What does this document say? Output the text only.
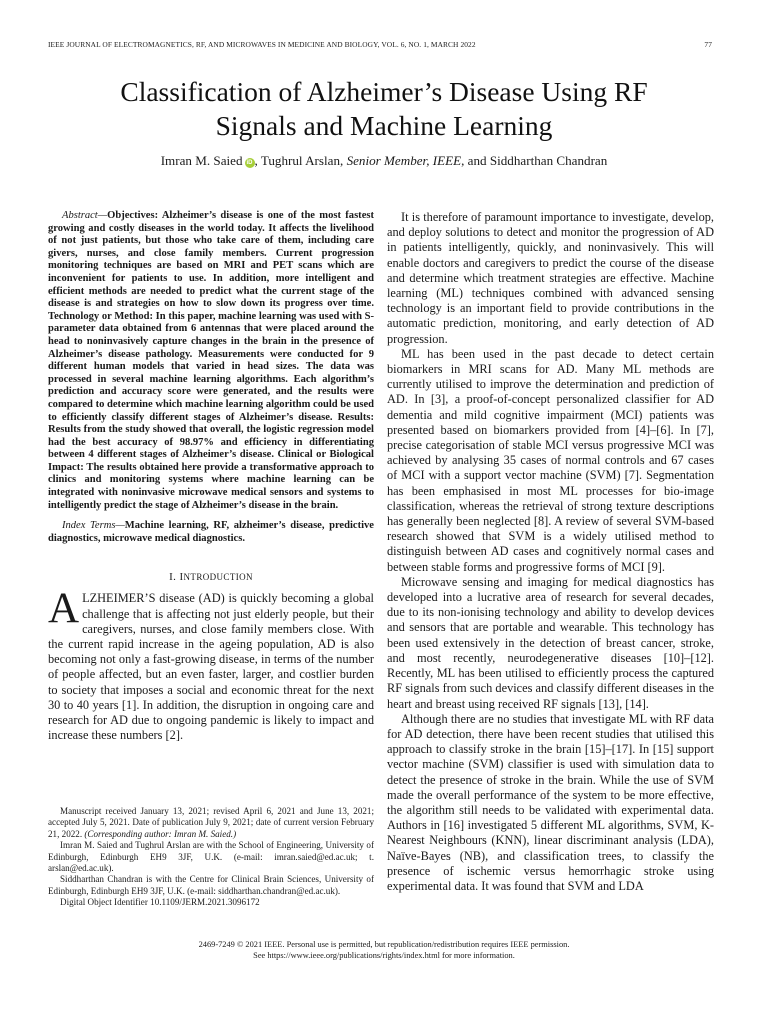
IEEE JOURNAL OF ELECTROMAGNETICS, RF, AND MICROWAVES IN MEDICINE AND BIOLOGY, VOL. 6, NO. 1, MARCH 2022	77
Classification of Alzheimer’s Disease Using RF
Signals and Machine Learning
Imran M. Saied iD , Tughrul Arslan, Senior Member, IEEE, and Siddharthan Chandran

Abstract—Objectives: Alzheimer’s disease is one of the most fastest growing and costly diseases in the world today. It affects the livelihood of not just patients, but those who take care of them, including care givers, nurses, and close family members. Current progression monitoring techniques are based on MRI and PET scans which are inconvenient for patients to use. In addition, more intelligent and efficient methods are needed to predict what the current stage of the disease is and strategies on how to slow down its progress over time. Technology or Method: In this paper, machine learning was used with S-parameter data obtained from 6 antennas that were placed around the head to noninvasively capture changes in the brain in the presence of Alzheimer’s disease pathology. Measurements were conducted for 9 different human models that varied in head sizes. The data was processed in several machine learning algorithms. Each algorithm’s prediction and accuracy score were generated, and the results were compared to determine which machine learning algorithm could be used to efficiently classify different stages of Alzheimer’s disease. Results: Results from the study showed that overall, the logistic regression model had the best accuracy of 98.97% and efficiency in differentiating between 4 different stages of Alzheimer’s disease. Clinical or Biological Impact: The results obtained here provide a transformative approach to clinics and monitoring systems where machine learning can be integrated with noninvasive microwave medical sensors and systems to intelligently predict the stage of Alzheimer’s disease in the brain.

Index Terms—Machine learning, RF, alzheimer’s disease, predictive diagnostics, microwave medical diagnostics.
I. INTRODUCTION

ALZHEIMER’S disease (AD) is quickly becoming a global challenge that is affecting not just elderly people, but their caregivers, nurses, and close family members close. With the current rapid increase in the ageing population, AD is also becoming not only a fast-growing disease, in terms of the number of people affected, but an even faster, larger, and costlier burden to society that imposes a social and economic threat for the next 30 to 40 years [1]. In addition, the disruption in ongoing care and research for AD due to ongoing pandemic is likely to impact and increase these numbers [2].

Manuscript received January 13, 2021; revised April 6, 2021 and June 13, 2021; accepted July 5, 2021. Date of publication July 9, 2021; date of current version February 21, 2022. (Corresponding author: Imran M. Saied.)

Imran M. Saied and Tughrul Arslan are with the School of Engineering, University of Edinburgh, Edinburgh EH9 3JF, U.K. (e-mail: imran.saied@ed.ac.uk; t. arslan@ed.ac.uk).

Siddharthan Chandran is with the Centre for Clinical Brain Sciences, University of Edinburgh, Edinburgh EH9 3JF, U.K. (e-mail: siddharthan.chandran@ed.ac.uk).

Digital Object Identifier 10.1109/JERM.2021.3096172

It is therefore of paramount importance to investigate, develop, and deploy solutions to detect and monitor the progression of AD in patients intelligently, quickly, and noninvasively. This will enable doctors and caregivers to predict the course of the disease and determine which treatment strategies are effective. Machine learning (ML) techniques combined with advanced sensing technology is an important field to provide contributions in the automatic prediction, monitoring, and early detection of AD progression.

ML has been used in the past decade to detect certain biomarkers in MRI scans for AD. Many ML methods are currently utilised to improve the determination and prediction of AD. In [3], a proof-of-concept personalized classifier for AD dementia and mild cognitive impairment (MCI) patients was presented based on biomarkers provided from [4]–[6]. In [7], precise categorisation of stable MCI versus progressive MCI was achieved by analysing 35 cases of normal controls and 67 cases of MCI with a support vector machine (SVM) [7]. Segmentation has been emphasised in most ML processes for bio-image classification, whereas the retrieval of strong texture descriptions has generally been neglected [8]. A review of several SVM-based research showed that SVM is a widely utilised method to distinguish between AD cases and cognitively normal cases and between stable forms and progressive forms of MCI [9].

Microwave sensing and imaging for medical diagnostics has developed into a lucrative area of research for several decades, due to its non-ionising technology and ability to develop devices and sensors that are portable and wearable. This technology has been used extensively in the detection of breast cancer, stroke, and most recently, neurodegenerative diseases [10]–[12]. Recently, ML has been utilised to efficiently process the captured RF signals from such devices and classify different diseases in the heart and breast using received RF signals [13], [14].

Although there are no studies that investigate ML with RF data for AD detection, there have been recent studies that utilised this approach to classify stroke in the brain [15]–[17]. In [15] support vector machine (SVM) classifier is used with simulation data to detect the presence of stroke in the brain. While the use of SVM made the overall performance of the system to be more effective, the algorithm still needs to be validated with experimental data. Authors in [16] investigated 5 different ML algorithms, SVM, K-Nearest Neighbours (KNN), linear discriminant analysis (LDA), Naïve-Bayes (NB), and classification trees, to classify the presence of ischemic versus hemorrhagic stroke using experimental data. It was found that SVM and LDA

2469-7249 © 2021 IEEE. Personal use is permitted, but republication/redistribution requires IEEE permission.
See https://www.ieee.org/publications/rights/index.html for more information.
